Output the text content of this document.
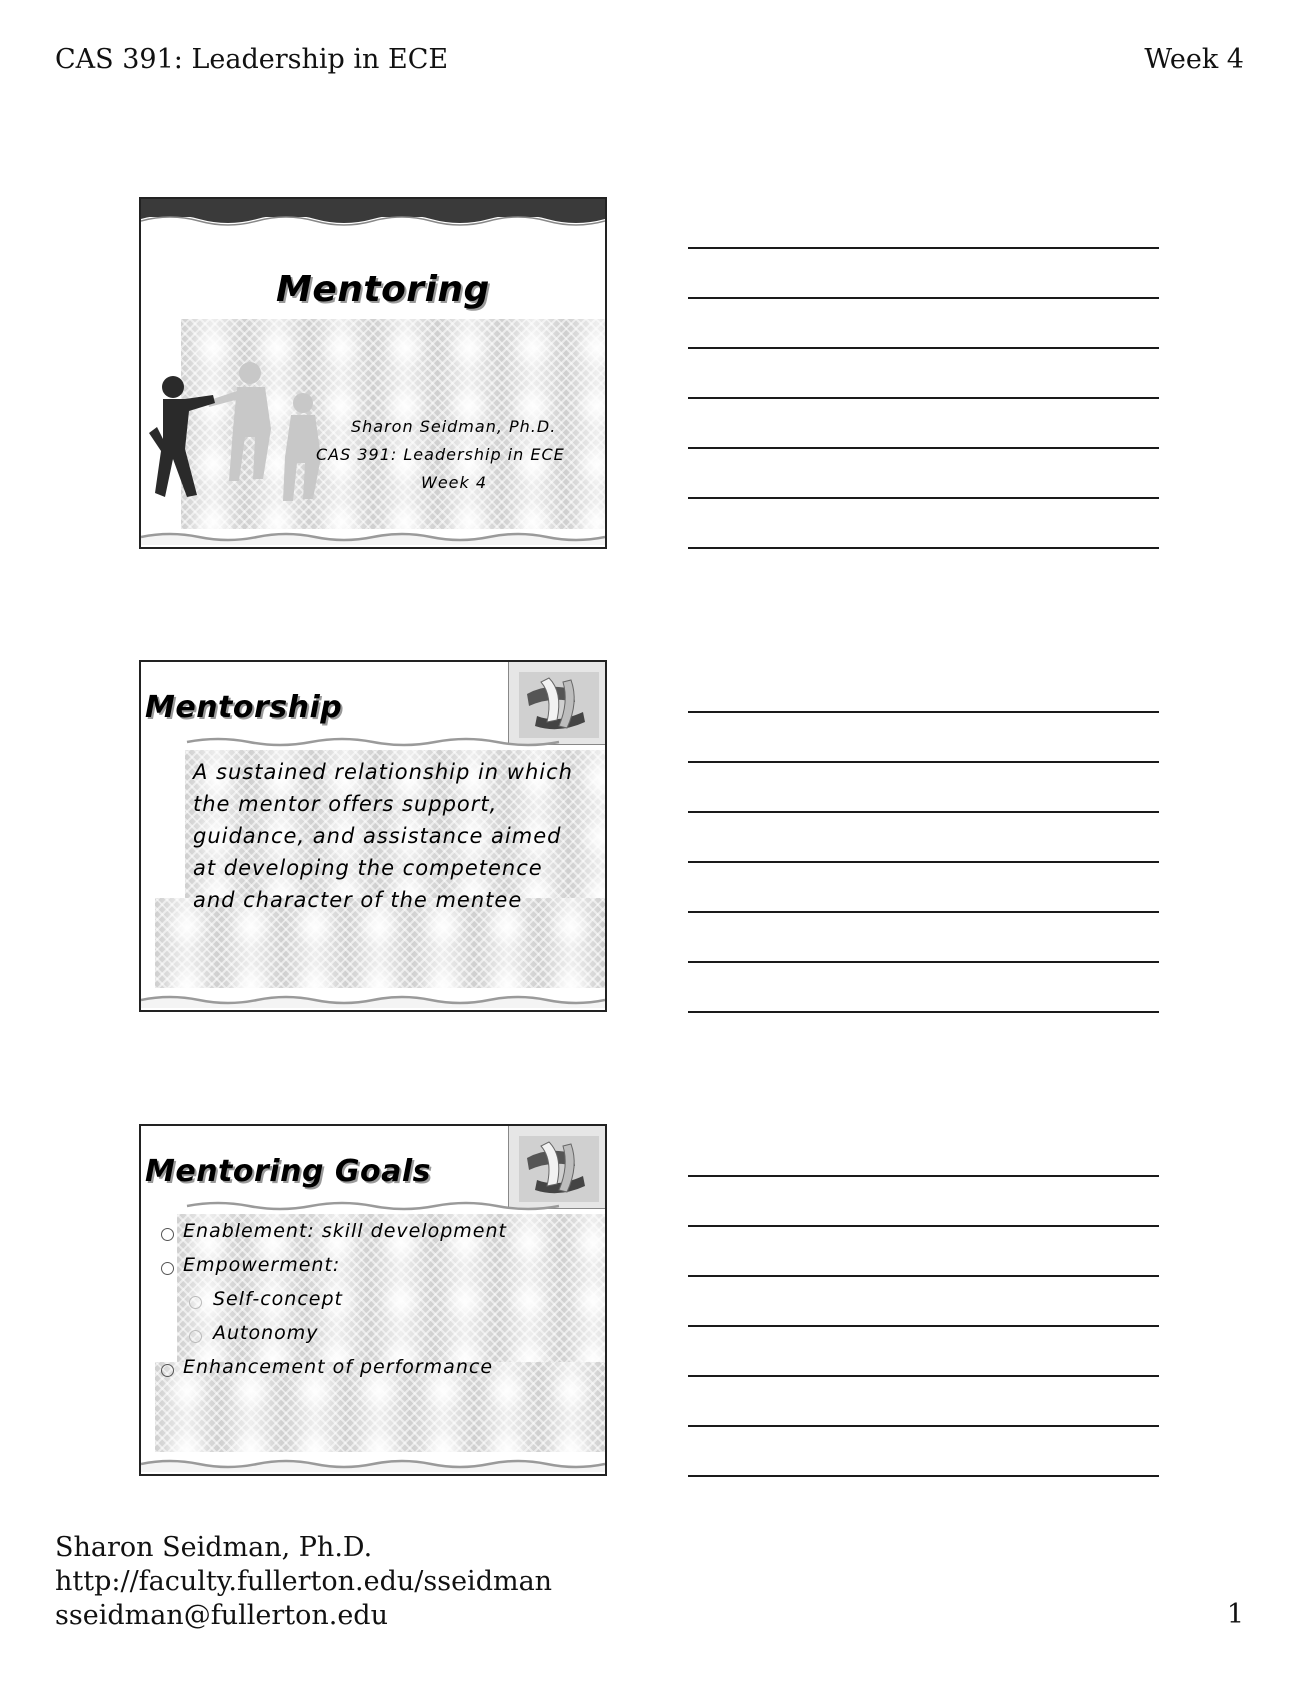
CAS 391: Leadership in ECE	Week 4
Mentoring
Sharon Seidman, Ph.D.
CAS 391: Leadership in ECE
Week 4
Mentorship
A sustained relationship in which
the mentor offers support,
guidance, and assistance aimed
at developing the competence
and character of the mentee
Mentoring Goals
Enablement: skill development
Empowerment:
Self-concept
Autonomy
Enhancement of performance
Sharon Seidman, Ph.D.
http://faculty.fullerton.edu/sseidman
sseidman@fullerton.edu	1
